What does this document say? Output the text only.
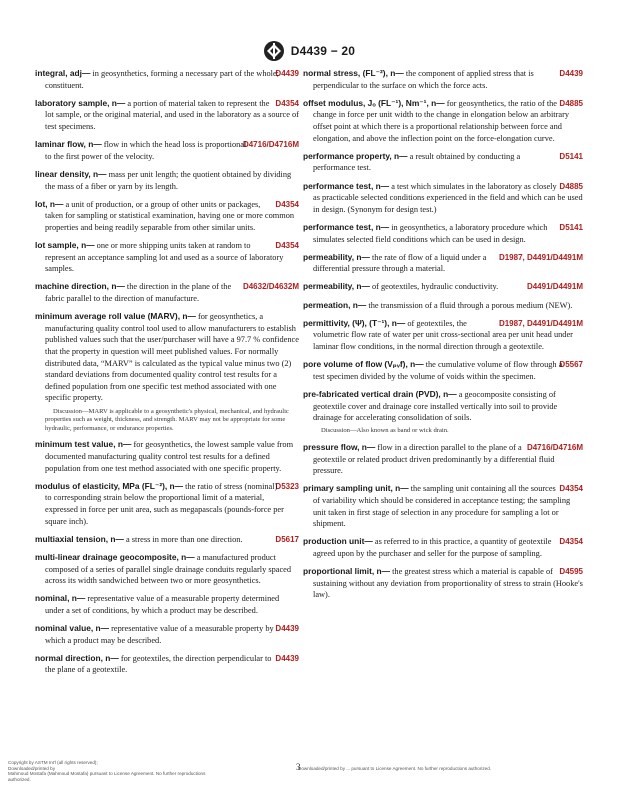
D4439 − 20
D4439
integral, adj— in geosynthetics, forming a necessary part of the whole; constituent.
D4354
laboratory sample, n— a portion of material taken to represent the lot sample, or the original material, and used in the laboratory as a source of test specimens.
D4716/D4716M
laminar flow, n— flow in which the head loss is proportional to the first power of the velocity.
linear density, n— mass per unit length; the quotient obtained by dividing the mass of a fiber or yarn by its length.
D4354
lot, n— a unit of production, or a group of other units or packages, taken for sampling or statistical examination, having one or more common properties and being readily separable from other similar units.
D4354
lot sample, n— one or more shipping units taken at random to represent an acceptance sampling lot and used as a source of laboratory samples.
D4632/D4632M
machine direction, n— the direction in the plane of the fabric parallel to the direction of manufacture.
minimum average roll value (MARV), n— for geosynthetics, a manufacturing quality control tool used to allow manufacturers to establish published values such that the user/purchaser will have a 97.7 % confidence that the property in question will meet published values. For normally distributed data, “MARV” is calculated as the typical value minus two (2) standard deviations from documented quality control test results for a defined population from one specific test method associated with one specific property.
Discussion—MARV is applicable to a geosynthetic's physical, mechanical, and hydraulic properties such as weight, thickness, and strength. MARV may not be appropriate for some hydraulic, performance, or endurance properties.
minimum test value, n— for geosynthetics, the lowest sample value from documented manufacturing quality control test results for a defined population from one test method associated with one specific property.
D5323
modulus of elasticity, MPa (FL⁻²), n— the ratio of stress (nominal) to corresponding strain below the proportional limit of a material, expressed in force per unit area, such as megapascals (pounds-force per square inch).
D5617
multiaxial tension, n— a stress in more than one direction.
multi-linear drainage geocomposite, n— a manufactured product composed of a series of parallel single drainage conduits regularly spaced across its width sandwiched between two or more geosynthetics.
nominal, n— representative value of a measurable property determined under a set of conditions, by which a product may be described.
D4439
nominal value, n— representative value of a measurable property by which a product may be described.
D4439
normal direction, n— for geotextiles, the direction perpendicular to the plane of a geotextile.
D4439
normal stress, (FL⁻²), n— the component of applied stress that is perpendicular to the surface on which the force acts.
D4885
offset modulus, Jₒ (FL⁻¹), Nm⁻¹, n— for geosynthetics, the ratio of the change in force per unit width to the change in elongation below an arbitrary offset point at which there is a proportional relationship between force and elongation, and above the inflection point on the force-elongation curve.
D5141
performance property, n— a result obtained by conducting a performance test.
D4885
performance test, n— a test which simulates in the laboratory as closely as practicable selected conditions experienced in the field and which can be used in design. (Synonym for design test.)
D5141
performance test, n— in geosynthetics, a laboratory procedure which simulates selected field conditions which can be used in design.
D1987, D4491/D4491M
permeability, n— the rate of flow of a liquid under a differential pressure through a material.
D4491/D4491M
permeability, n— of geotextiles, hydraulic conductivity.
permeation, n— the transmission of a fluid through a porous medium (NEW).
D1987, D4491/D4491M
permittivity, (Ψ), (T⁻¹), n— of geotextiles, the volumetric flow rate of water per unit cross-sectional area per unit head under laminar flow conditions, in the normal direction through a geotextile.
D5567
pore volume of flow (Vₚᵥf), n— the cumulative volume of flow through a test specimen divided by the volume of voids within the specimen.
pre-fabricated vertical drain (PVD), n— a geocomposite consisting of geotextile cover and drainage core installed vertically into soil to provide drainage for accelerating consolidation of soils.
Discussion—Also known as band or wick drain.
D4716/D4716M
pressure flow, n— flow in a direction parallel to the plane of a geotextile or related product driven predominantly by a differential fluid pressure.
D4354
primary sampling unit, n— the sampling unit containing all the sources of variability which should be considered in acceptance testing; the sampling unit taken in first stage of selection in any procedure for sampling a lot or shipment.
D4354
production unit— as referred to in this practice, a quantity of geotextile agreed upon by the purchaser and seller for the purpose of sampling.
D4595
proportional limit, n— the greatest stress which a material is capable of sustaining without any deviation from proportionality of stress to strain (Hooke's law).
Copyright by ASTM Int'l (all rights reserved);
Downloaded/printed by
Mahmoud Mostafa (Mahmoud Mostafa) pursuant to License Agreement. No further reproductions authorized.
Downloaded/printed by ... pursuant to License Agreement. No further reproductions authorized.
3
